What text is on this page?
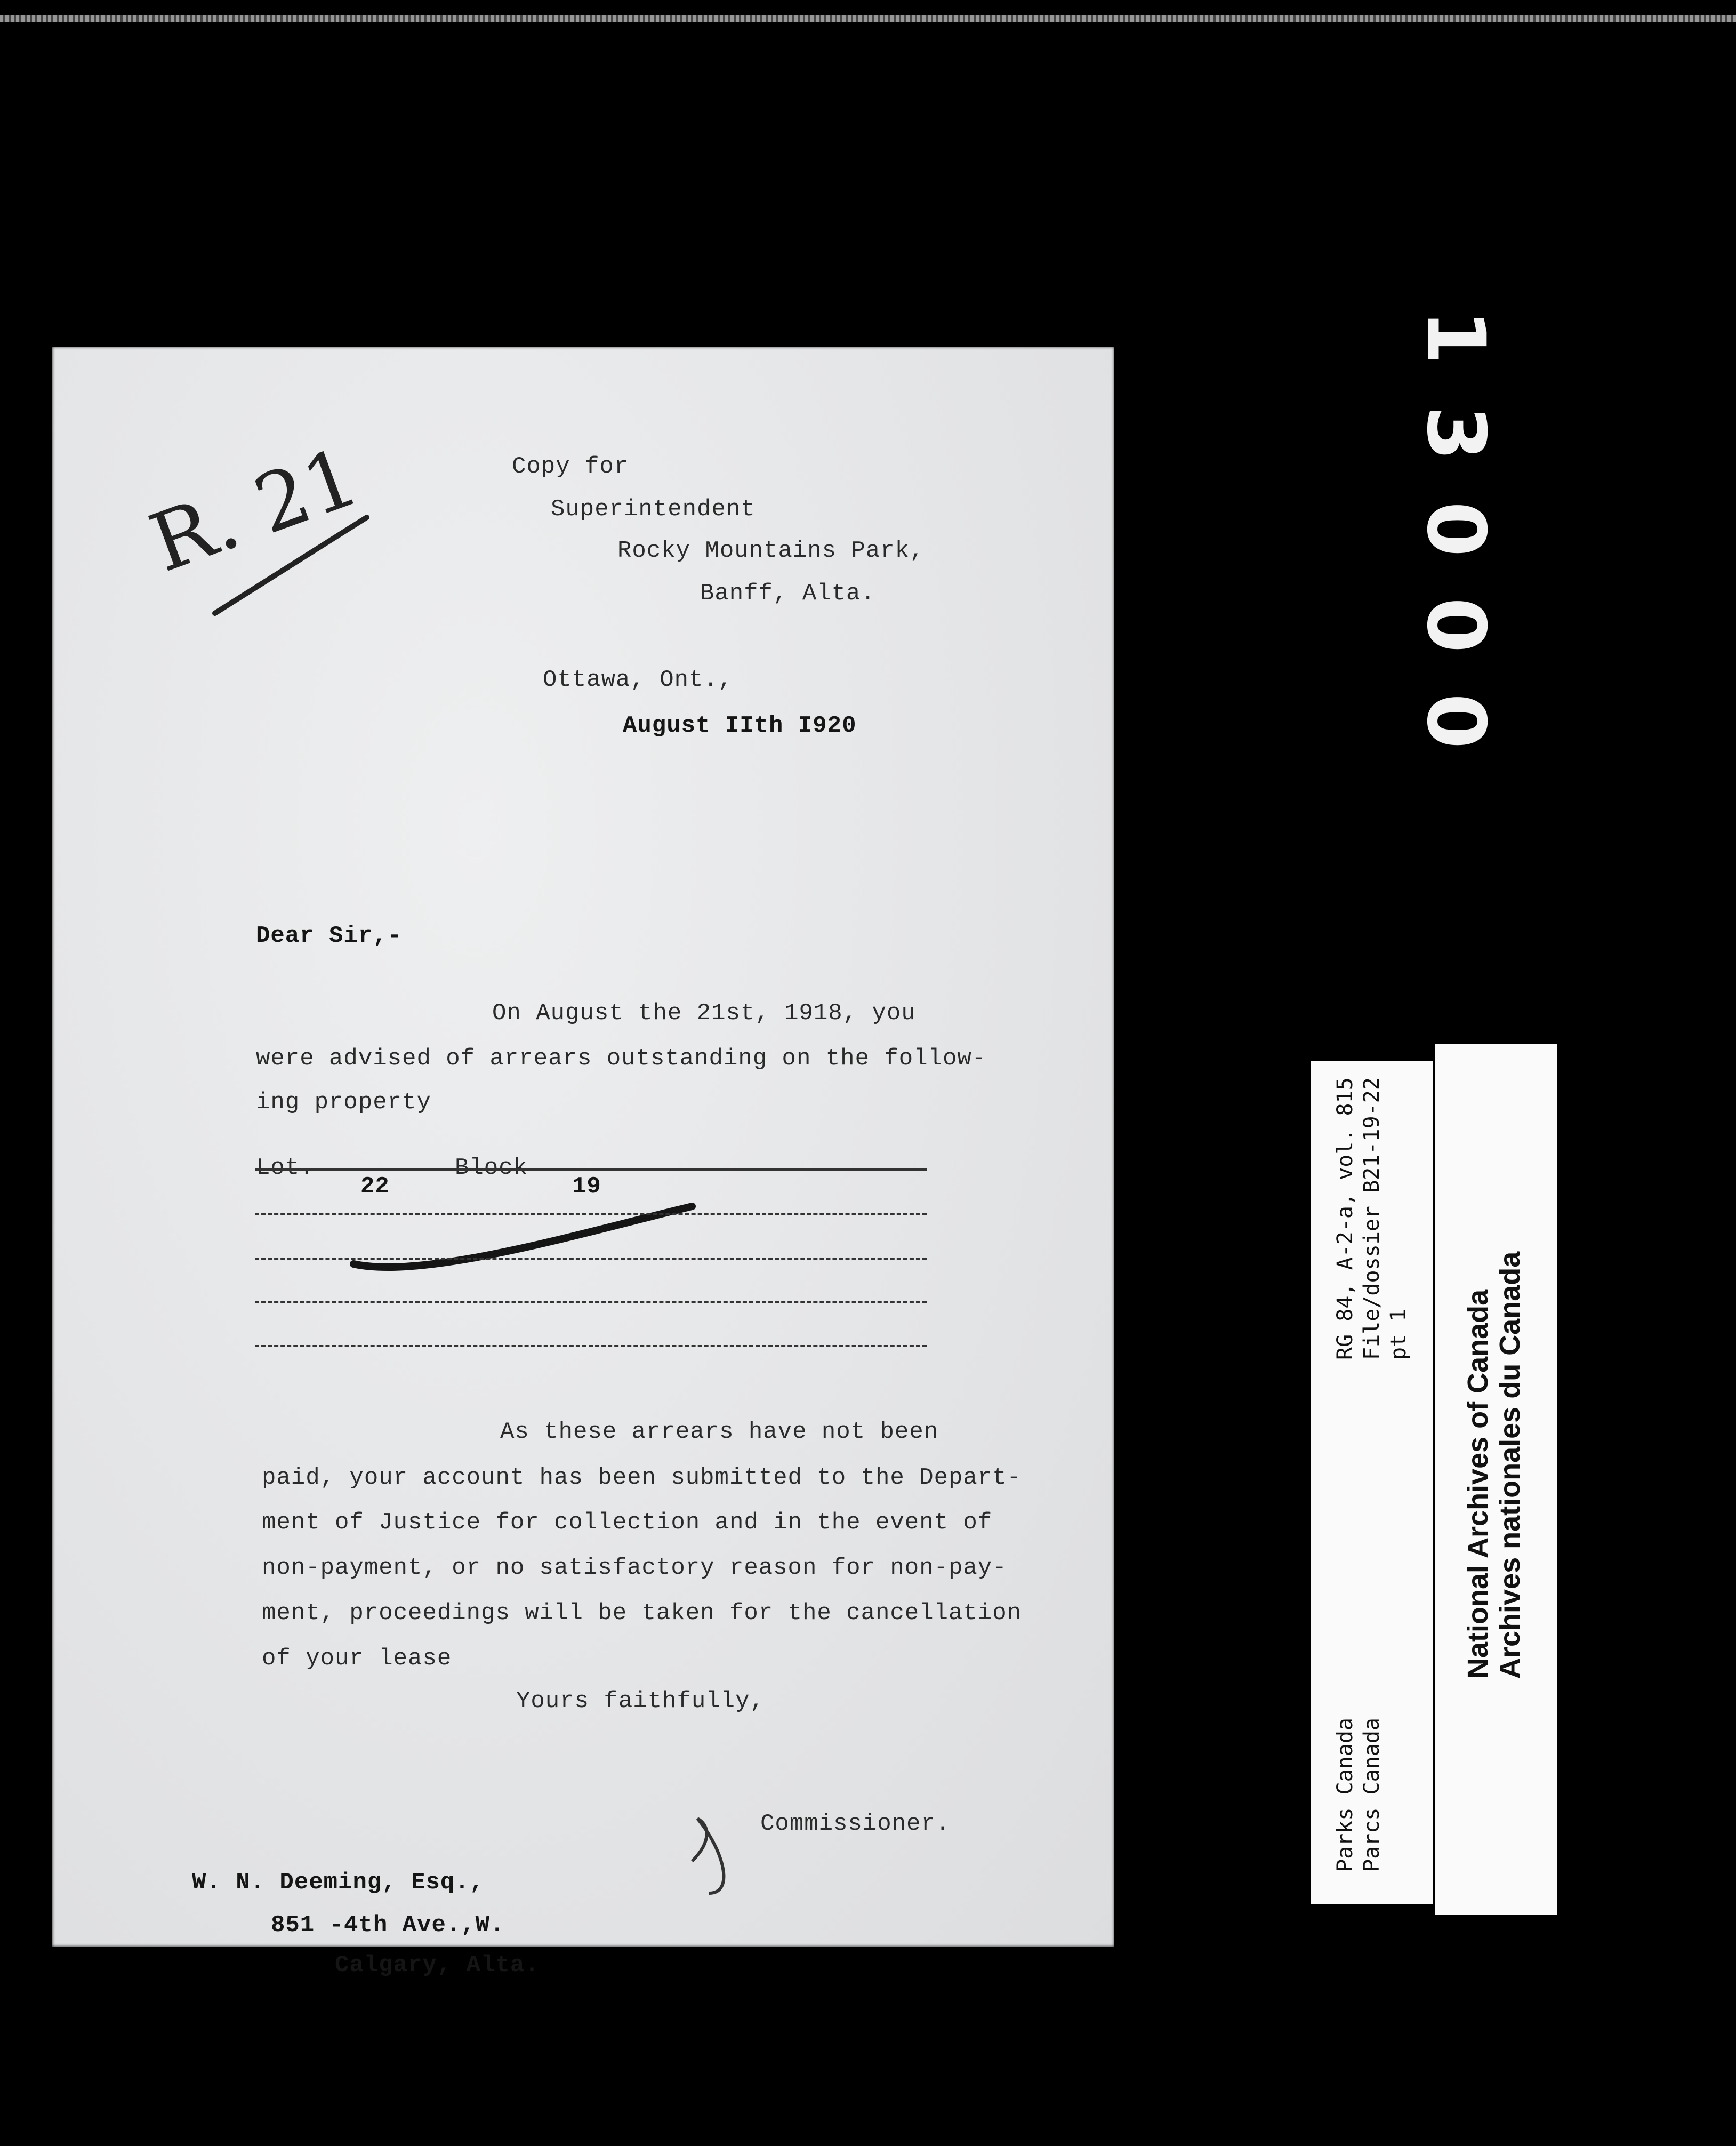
R. 21	Copy for
Superintendent
Rocky Mountains Park,
Banff, Alta.
Ottawa, Ont.,
August IIth I920
Dear Sir,-
On August the 21st, 1918, you
were advised of arrears outstanding on the follow-
ing property
Lot.
22
Block
19
As these arrears have not been
paid, your account has been submitted to the Depart-
ment of Justice for collection and in the event of
non-payment, or no satisfactory reason for non-pay-
ment, proceedings will be taken for the cancellation
of your lease
Yours faithfully,
Commissioner.
W. N. Deeming, Esq.,
851 -4th Ave.,W.
Calgary, Alta.
1
3
0
0
0
RG 84, A-2-a, vol. 815 File/dossier B21-19-22 pt 1
Parks Canada Parcs Canada
National Archives of Canada Archives nationales du Canada
